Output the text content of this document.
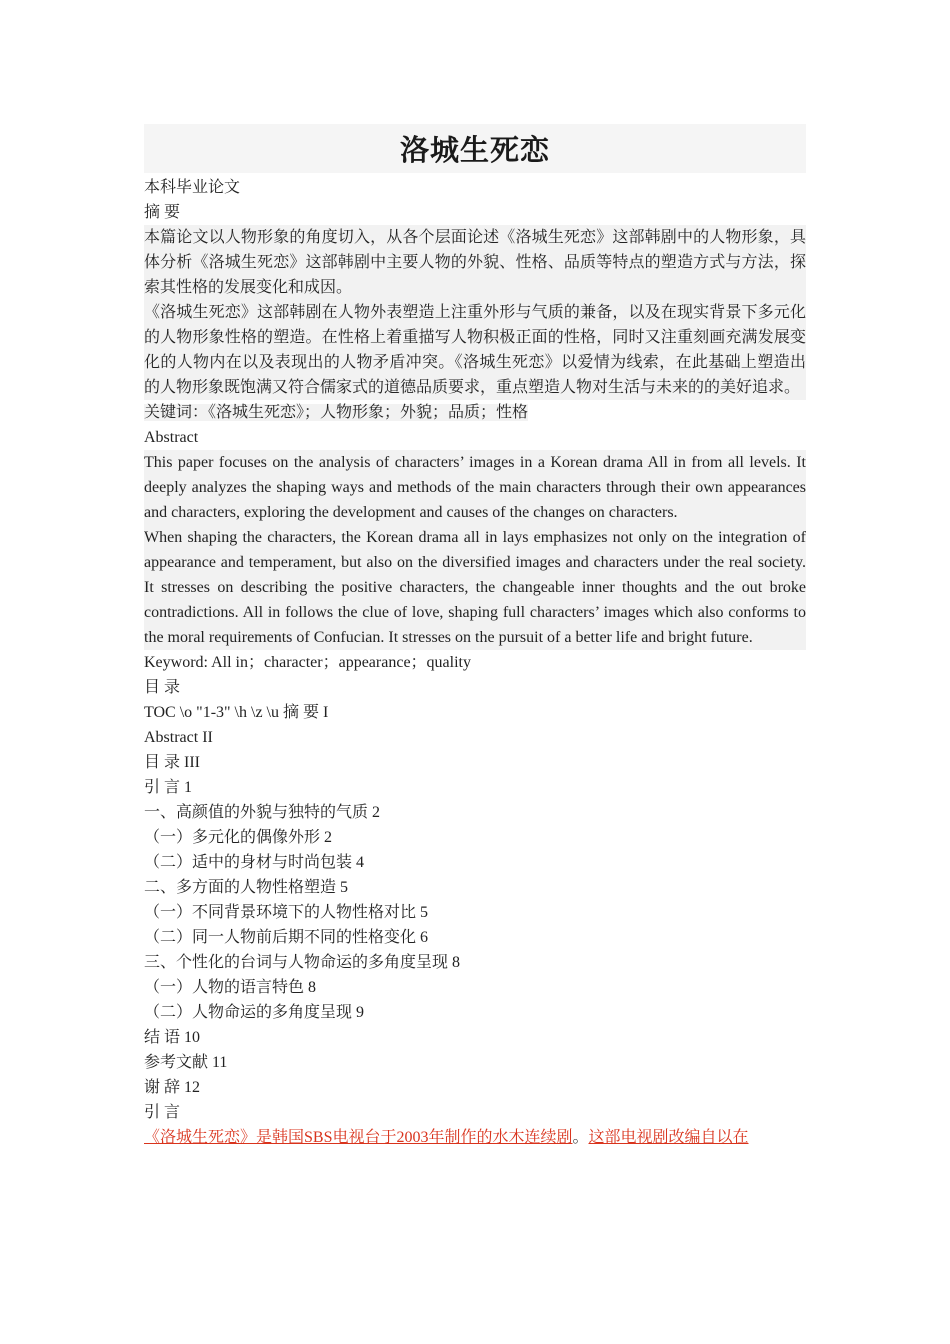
洛城生死恋
本科毕业论文
摘 要
本篇论文以人物形象的角度切入，从各个层面论述《洛城生死恋》这部韩剧中的人物形象，具体分析《洛城生死恋》这部韩剧中主要人物的外貌、性格、品质等特点的塑造方式与方法，探索其性格的发展变化和成因。
《洛城生死恋》这部韩剧在人物外表塑造上注重外形与气质的兼备，以及在现实背景下多元化的人物形象性格的塑造。在性格上着重描写人物积极正面的性格，同时又注重刻画充满发展变化的人物内在以及表现出的人物矛盾冲突。《洛城生死恋》以爱情为线索，在此基础上塑造出的人物形象既饱满又符合儒家式的道德品质要求，重点塑造人物对生活与未来的的美好追求。
关键词：《洛城生死恋》；人物形象；外貌；品质；性格
Abstract
This paper focuses on the analysis of characters’ images in a Korean drama All in from all levels. It deeply analyzes the shaping ways and methods of the main characters through their own appearances and characters, exploring the development and causes of the changes on characters.
When shaping the characters, the Korean drama all in lays emphasizes not only on the integration of appearance and temperament, but also on the diversified images and characters under the real society. It stresses on describing the positive characters, the changeable inner thoughts and the out broke contradictions. All in follows the clue of love, shaping full characters’ images which also conforms to the moral requirements of Confucian. It stresses on the pursuit of a better life and bright future.
Keyword: All in；character；appearance；quality
目 录
TOC \o "1-3" \h \z \u 摘 要 I
Abstract II
目 录 III
引 言 1
一、高颜值的外貌与独特的气质 2
（一）多元化的偶像外形 2
（二）适中的身材与时尚包装 4
二、多方面的人物性格塑造 5
（一）不同背景环境下的人物性格对比 5
（二）同一人物前后期不同的性格变化 6
三、个性化的台词与人物命运的多角度呈现 8
（一）人物的语言特色 8
（二）人物命运的多角度呈现 9
结 语 10
参考文献 11
谢 辞 12
引 言
《洛城生死恋》是韩国SBS电视台于2003年制作的水木连续剧。这部电视剧改编自以在
